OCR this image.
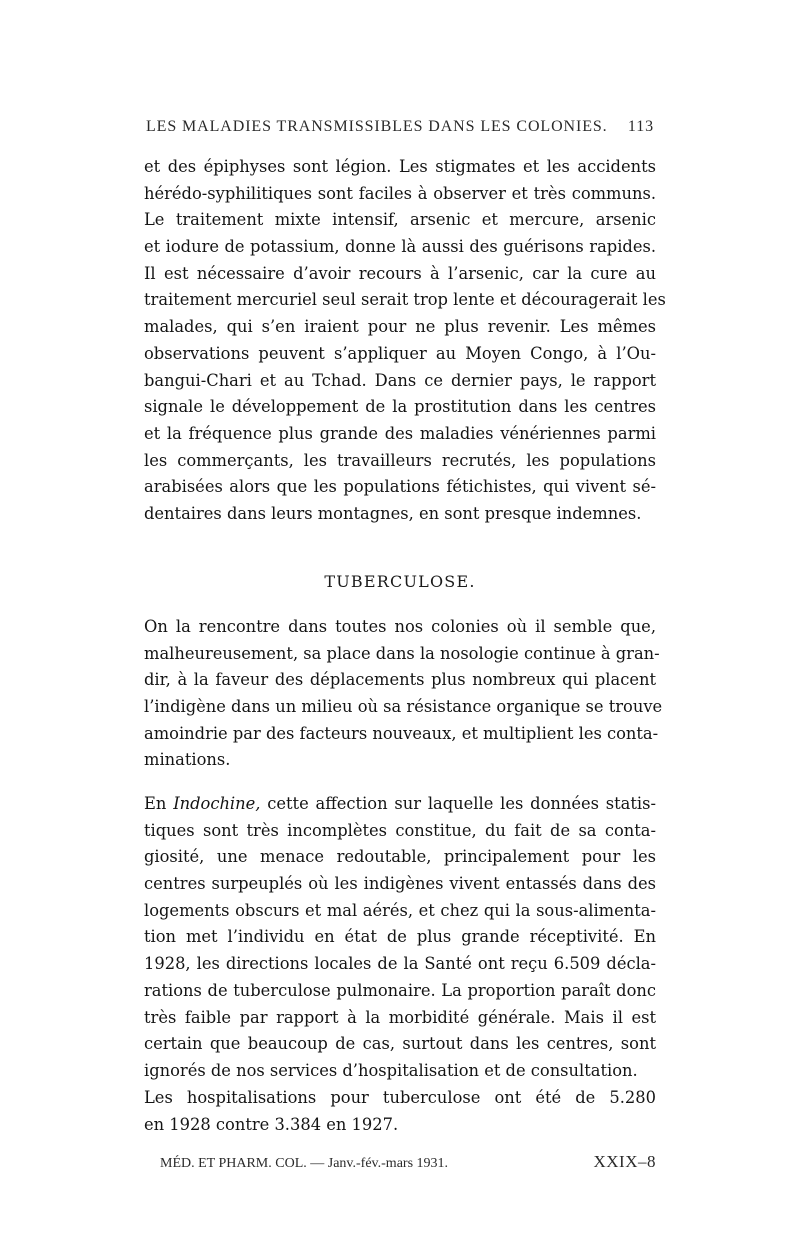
LES MALADIES TRANSMISSIBLES DANS LES COLONIES. 113
et des épiphyses sont légion. Les stigmates et les accidents
hérédo-syphilitiques sont faciles à observer et très communs.
Le traitement mixte intensif, arsenic et mercure, arsenic
et iodure de potassium, donne là aussi des guérisons rapides.
Il est nécessaire d’avoir recours à l’arsenic, car la cure au
traitement mercuriel seul serait trop lente et découragerait les
malades, qui s’en iraient pour ne plus revenir. Les mêmes
observations peuvent s’appliquer au Moyen Congo, à l’Ou-
bangui-Chari et au Tchad. Dans ce dernier pays, le rapport
signale le développement de la prostitution dans les centres
et la fréquence plus grande des maladies vénériennes parmi
les commerçants, les travailleurs recrutés, les populations
arabisées alors que les populations fétichistes, qui vivent sé-
dentaires dans leurs montagnes, en sont presque indemnes.
TUBERCULOSE.
On la rencontre dans toutes nos colonies où il semble que,
malheureusement, sa place dans la nosologie continue à gran-
dir, à la faveur des déplacements plus nombreux qui placent
l’indigène dans un milieu où sa résistance organique se trouve
amoindrie par des facteurs nouveaux, et multiplient les conta-
minations.
En Indochine, cette affection sur laquelle les données statis-
tiques sont très incomplètes constitue, du fait de sa conta-
giosité, une menace redoutable, principalement pour les
centres surpeuplés où les indigènes vivent entassés dans des
logements obscurs et mal aérés, et chez qui la sous-alimenta-
tion met l’individu en état de plus grande réceptivité. En
1928, les directions locales de la Santé ont reçu 6.509 décla-
rations de tuberculose pulmonaire. La proportion paraît donc
très faible par rapport à la morbidité générale. Mais il est
certain que beaucoup de cas, surtout dans les centres, sont
ignorés de nos services d’hospitalisation et de consultation.
Les hospitalisations pour tuberculose ont été de 5.280
en 1928 contre 3.384 en 1927.
MÉD. ET PHARM. COL. — Janv.-fév.-mars 1931.	XXIX–8
